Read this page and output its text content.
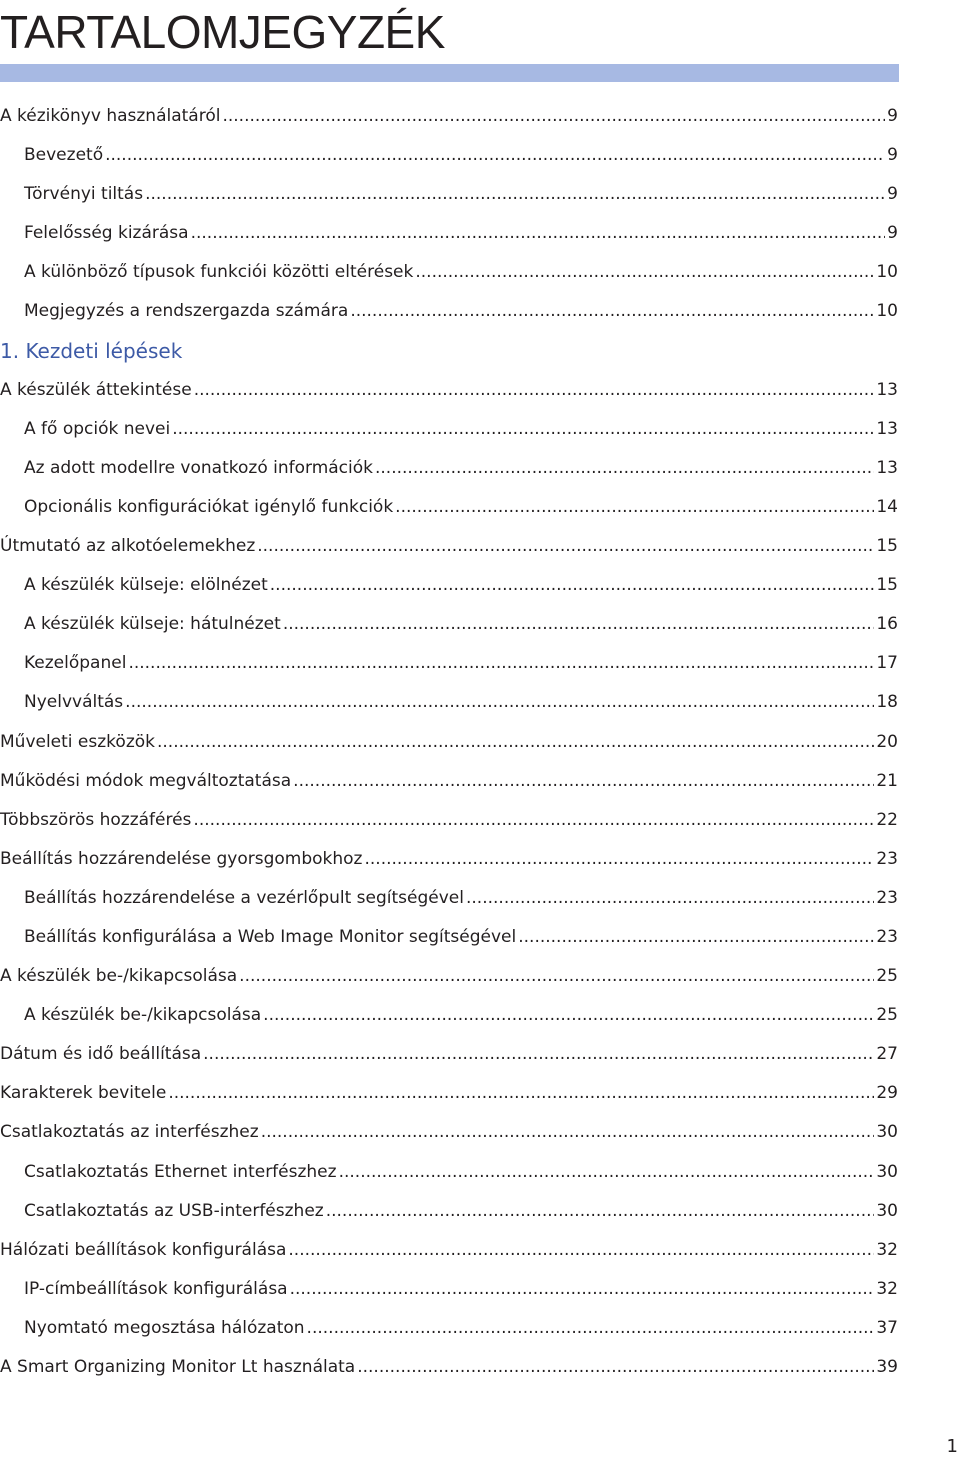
TARTALOMJEGYZÉK
A kézikönyv használatáról .....	9
Bevezető .....	9
Törvényi tiltás .....	9
Felelősség kizárása .....	9
A különböző típusok funkciói közötti eltérések .....	10
Megjegyzés a rendszergazda számára .....	10
1. Kezdeti lépések
A készülék áttekintése .....	13
A fő opciók nevei .....	13
Az adott modellre vonatkozó információk .....	13
Opcionális konfigurációkat igénylő funkciók .....	14
Útmutató az alkotóelemekhez .....	15
A készülék külseje: elölnézet .....	15
A készülék külseje: hátulnézet .....	16
Kezelőpanel .....	17
Nyelvváltás .....	18
Műveleti eszközök .....	20
Működési módok megváltoztatása .....	21
Többszörös hozzáférés .....	22
Beállítás hozzárendelése gyorsgombokhoz .....	23
Beállítás hozzárendelése a vezérlőpult segítségével .....	23
Beállítás konfigurálása a Web Image Monitor segítségével .....	23
A készülék be-/kikapcsolása .....	25
A készülék be-/kikapcsolása .....	25
Dátum és idő beállítása .....	27
Karakterek bevitele .....	29
Csatlakoztatás az interfészhez .....	30
Csatlakoztatás Ethernet interfészhez .....	30
Csatlakoztatás az USB-interfészhez .....	30
Hálózati beállítások konfigurálása .....	32
IP-címbeállítások konfigurálása .....	32
Nyomtató megosztása hálózaton .....	37
A Smart Organizing Monitor Lt használata .....	39
1
